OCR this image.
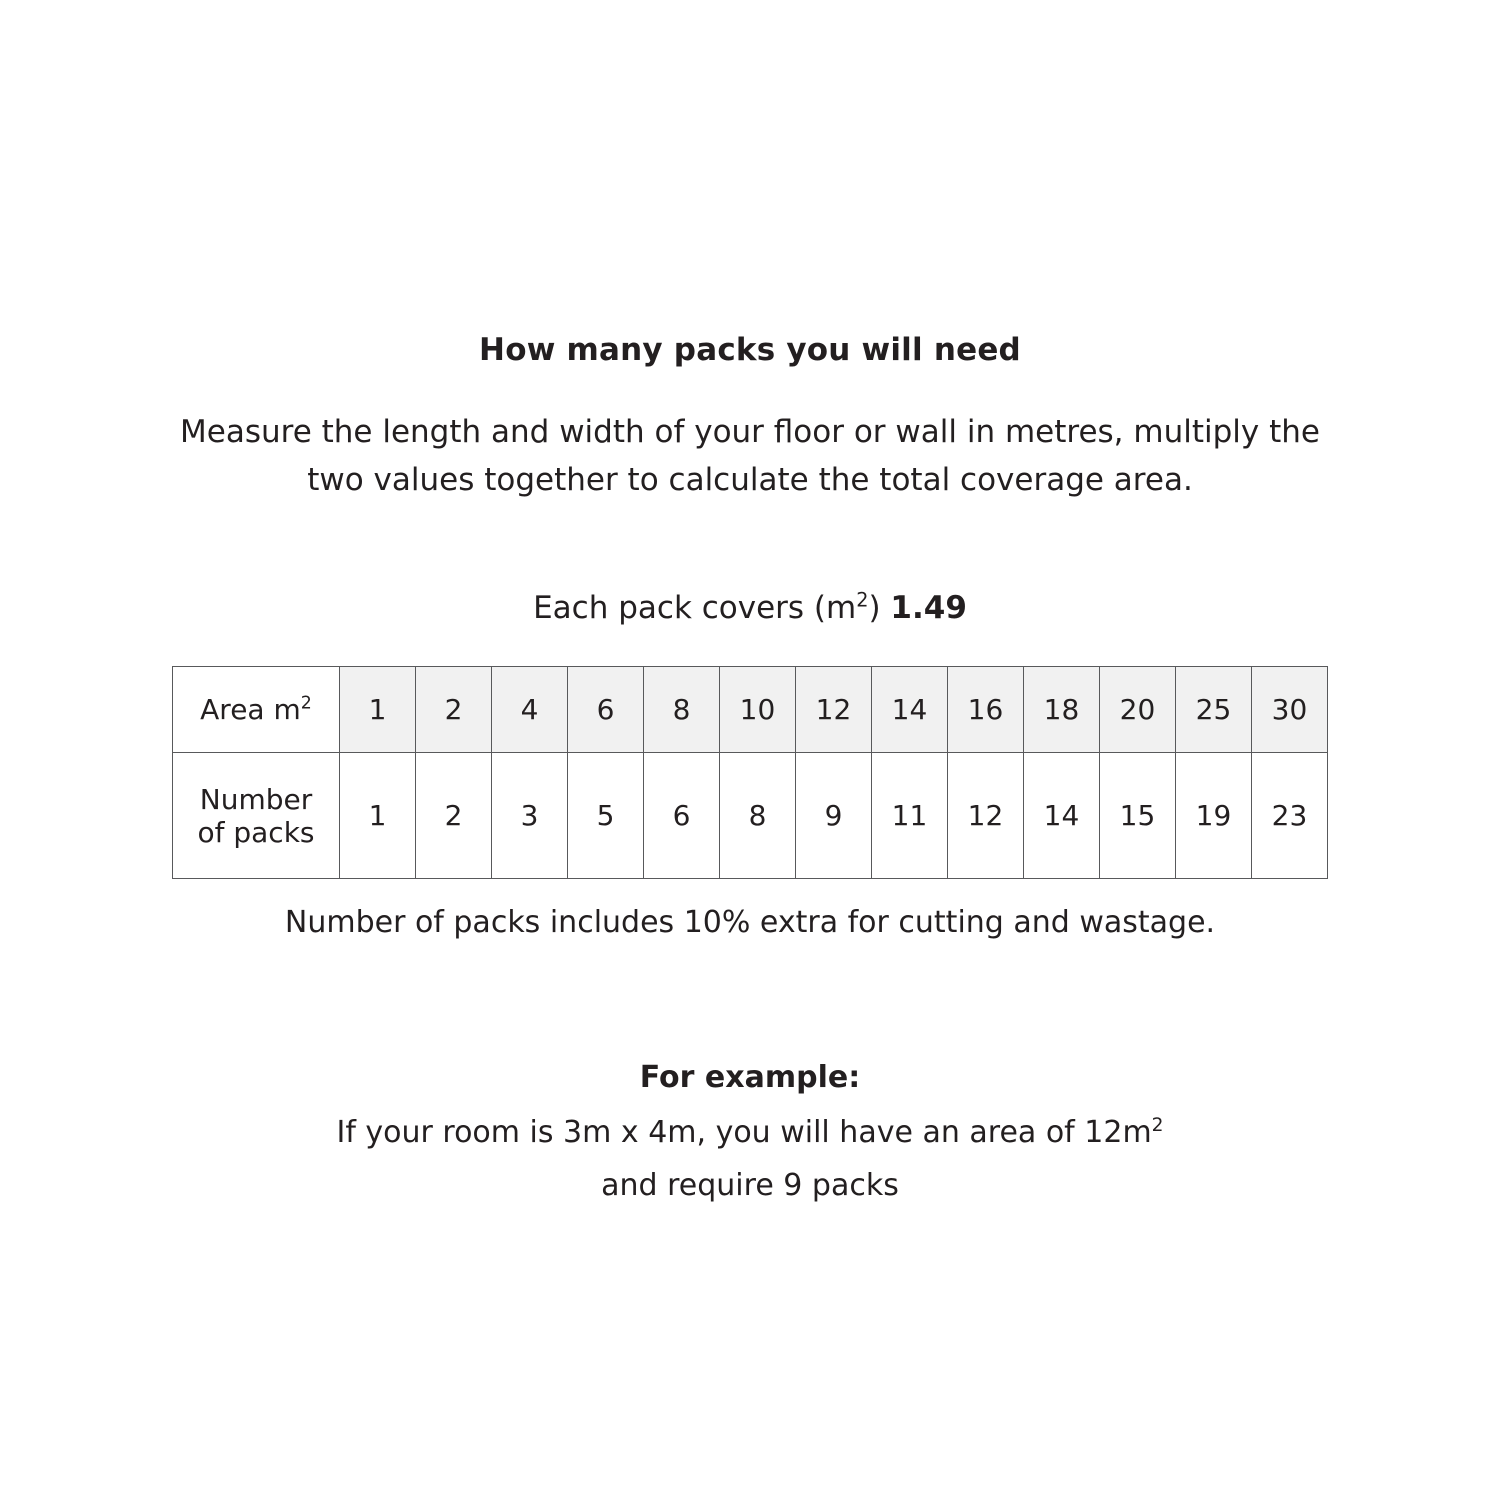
How many packs you will need
Measure the length and width of your floor or wall in metres, multiply the two values together to calculate the total coverage area.
Each pack covers $(m^2)$ 1.49
Area $m^2$	1	2	4	6	8	10	12	14	16	18	20	25	30

Number
of packs	1	2	3	5	6	8	9	11	12	14	15	19	23
Number of packs includes 10% extra for cutting and wastage.
For example:
If your room is 3m x 4m, you will have an area of $12m^2$
and require 9 packs
